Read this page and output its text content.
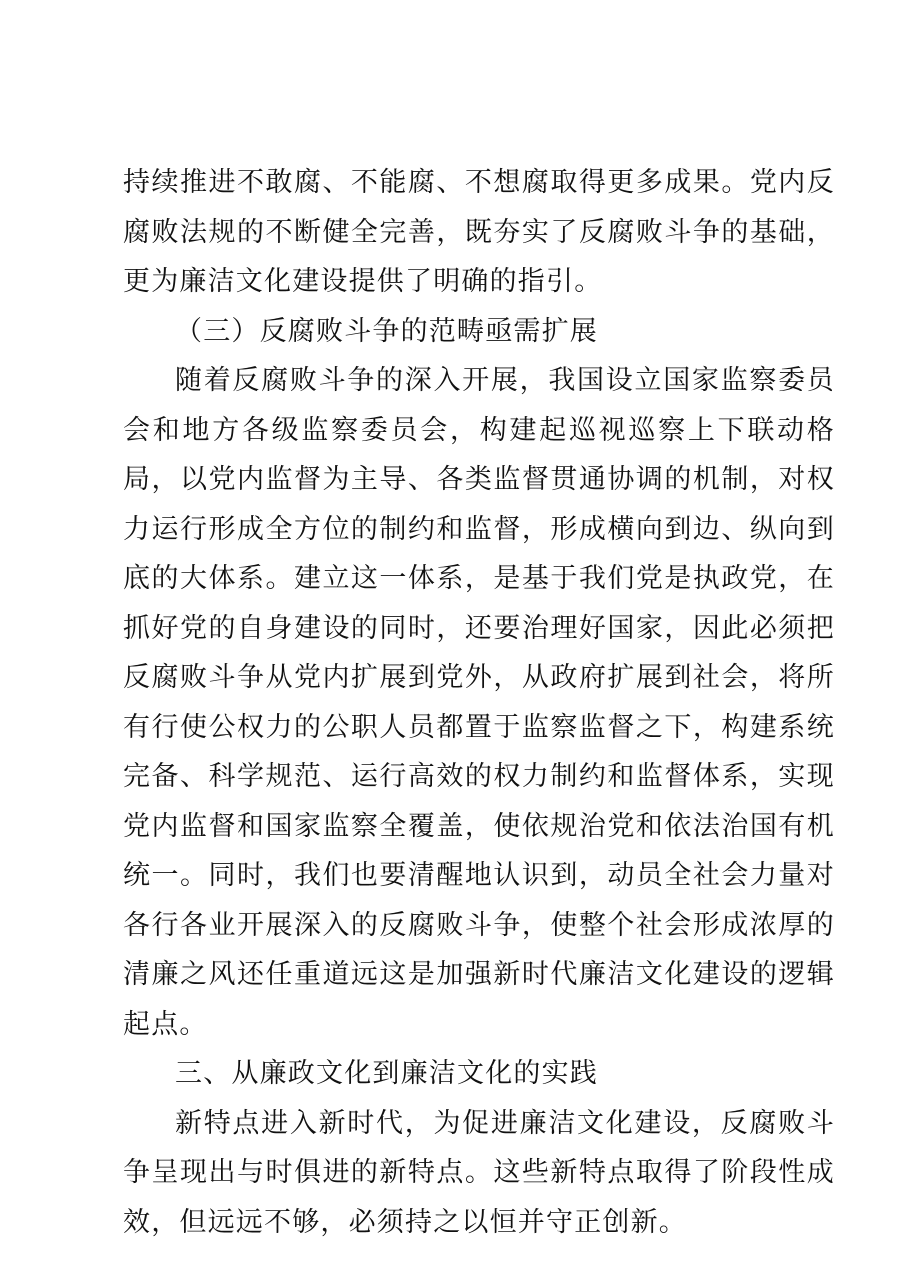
持续推进不敢腐、不能腐、不想腐取得更多成果。党内反腐败法规的不断健全完善，既夯实了反腐败斗争的基础，更为廉洁文化建设提供了明确的指引。

（三）反腐败斗争的范畴亟需扩展

随着反腐败斗争的深入开展，我国设立国家监察委员会和地方各级监察委员会，构建起巡视巡察上下联动格局，以党内监督为主导、各类监督贯通协调的机制，对权力运行形成全方位的制约和监督，形成横向到边、纵向到底的大体系。建立这一体系，是基于我们党是执政党，在抓好党的自身建设的同时，还要治理好国家，因此必须把反腐败斗争从党内扩展到党外，从政府扩展到社会，将所有行使公权力的公职人员都置于监察监督之下，构建系统完备、科学规范、运行高效的权力制约和监督体系，实现党内监督和国家监察全覆盖，使依规治党和依法治国有机统一。同时，我们也要清醒地认识到，动员全社会力量对各行各业开展深入的反腐败斗争，使整个社会形成浓厚的清廉之风还任重道远这是加强新时代廉洁文化建设的逻辑起点。

三、从廉政文化到廉洁文化的实践

新特点进入新时代，为促进廉洁文化建设，反腐败斗争呈现出与时俱进的新特点。这些新特点取得了阶段性成效，但远远不够，必须持之以恒并守正创新。
